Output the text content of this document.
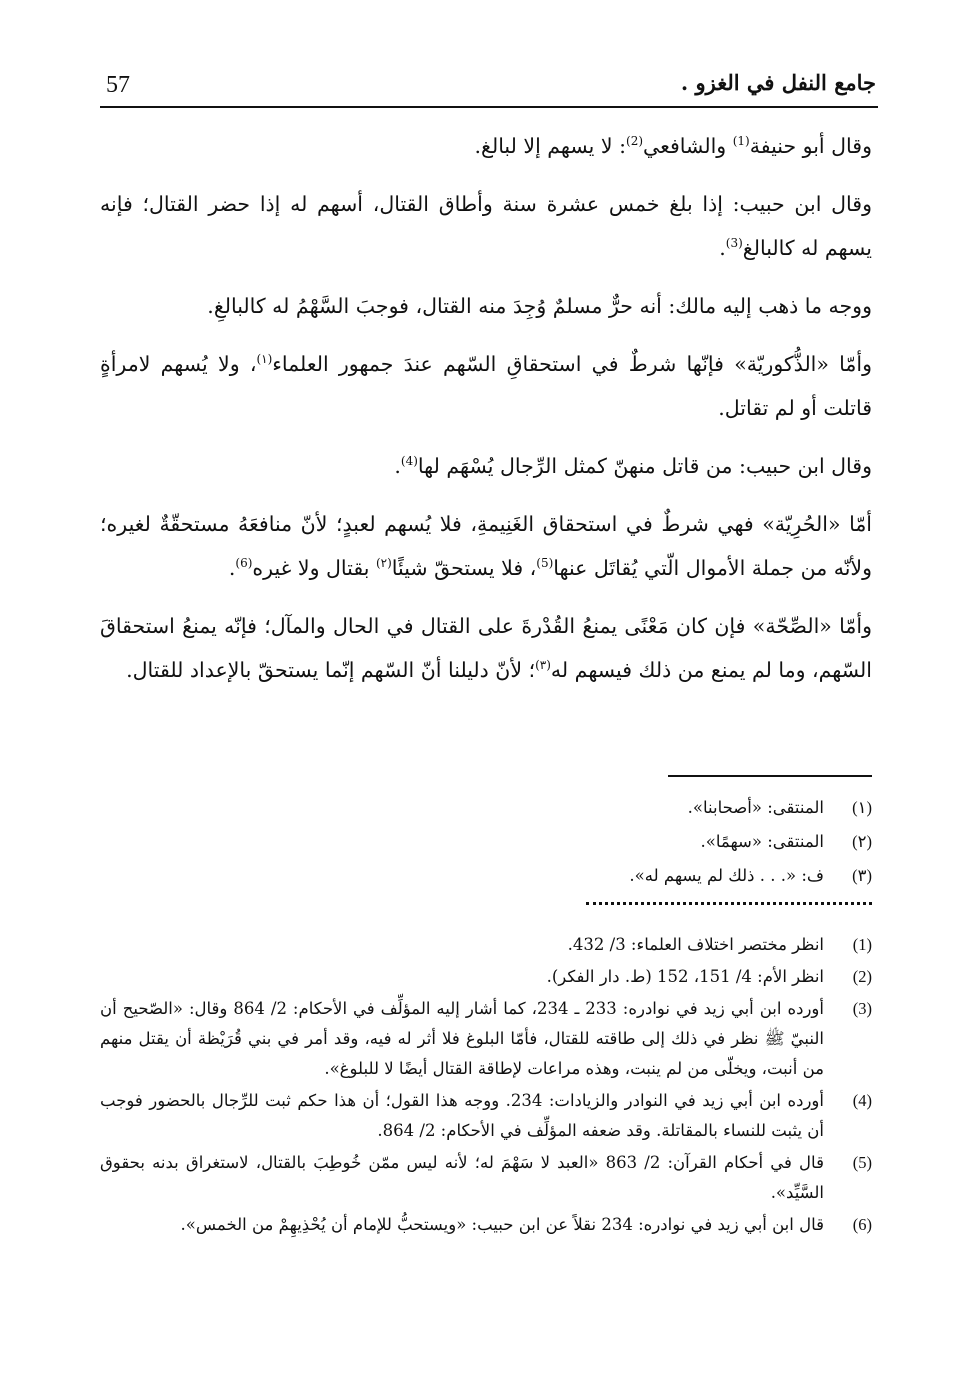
57	جامع النفل في الغزو .

وقال أبو حنيفة$^{(1)}$ والشافعي$^{(2)}$: لا يسهم إلا لبالغ.

وقال ابن حبيب: إذا بلغ خمس عشرة سنة وأطاق القتال، أسهم له إذا حضر القتال؛ فإنه يسهم له كالبالغ$^{(3)}$.

ووجه ما ذهب إليه مالك: أنه حرٌّ مسلمٌ وُجِدَ منه القتال، فوجبَ السَّهْمُ له كالبالغِ.

وأمّا «الذُّكوريّة» فإنّها شرطٌ في استحقاقِ السّهم عندَ جمهور العلماء$^{(١)}$، ولا يُسهم لامرأةٍ قاتلت أو لم تقاتل.

وقال ابن حبيب: من قاتل منهنّ كمثل الرِّجال يُسْهَم لها$^{(4)}$.

أمّا «الحُرِيّة» فهي شرطٌ في استحقاق الغَنِيمةِ، فلا يُسهم لعبدٍ؛ لأنّ منافعَهُ مستحقّةٌ لغيره؛ ولأنّه من جملة الأموال الّتي يُقاتَل عنها$^{(5)}$، فلا يستحقّ شيئًا$^{(٢)}$ بقتال ولا غيره$^{(6)}$.

وأمّا «الصِّحّة» فإن كان مَعْنًى يمنعُ القُدْرةَ على القتال في الحال والمآل؛ فإنّه يمنعُ استحقاقَ السّهم، وما لم يمنع من ذلك فيسهم له$^{(٣)}$؛ لأنّ دليلنا أنّ السّهم إنّما يستحقّ بالإعداد للقتال.

(١)
المنتقى: «أصحابنا».
(٢)
المنتقى: «سهمًا».
(٣)
ف: «. . . ذلك لم يسهم له».
(1)
انظر مختصر اختلاف العلماء: 3/ 432.
(2)
انظر الأم: 4/ 151، 152 (ط. دار الفكر).
(3)
أورده ابن أبي زيد في نوادره: 233 ـ 234، كما أشار إليه المؤلِّف في الأحكام: 2/ 864 وقال: «الصّحيح أن النبيّ ﷺ نظر في ذلك إلى طاقته للقتال، فأمّا البلوغ فلا أثر له فيه، وقد أمر في بني قُرَيْظة أن يقتل منهم من أنبت، ويخلّى من لم ينبت، وهذه مراعات لإطاقة القتال أيضًا لا للبلوغ».
(4)
أورده ابن أبي زيد في النوادر والزيادات: 234. ووجه هذا القول؛ أن هذا حكم ثبت للرِّجال بالحضور فوجب أن يثبت للنساء بالمقاتلة. وقد ضعفه المؤلِّف في الأحكام: 2/ 864.
(5)
قال في أحكام القرآن: 2/ 863 «العبد لا سَهْمَ له؛ لأنه ليس ممّن خُوطِبَ بالقتال، لاستغراق بدنه بحقوق السَّيِّد».
(6)
قال ابن أبي زيد في نوادره: 234 نقلاً عن ابن حبيب: «ويستحبُّ للإمام أن يُحْذِيهِمْ من الخمس».
